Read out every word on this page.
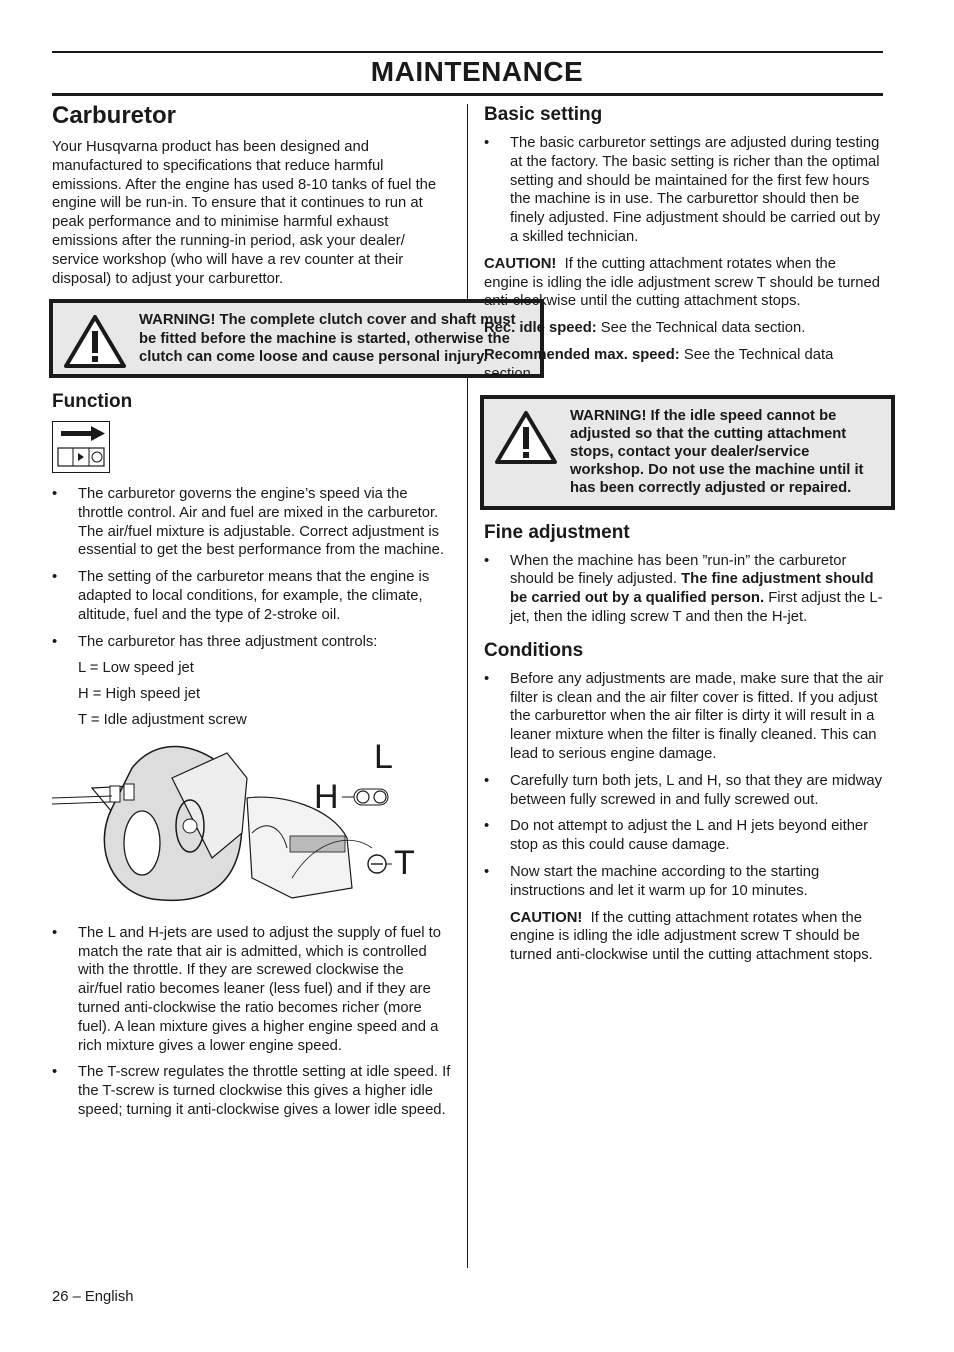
MAINTENANCE
Carburetor

Your Husqvarna product has been designed and manufactured to specifications that reduce harmful emissions. After the engine has used 8-10 tanks of fuel the engine will be run-in. To ensure that it continues to run at peak performance and to minimise harmful exhaust emissions after the running-in period, ask your dealer/ service workshop (who will have a rev counter at their disposal) to adjust your carburettor.

WARNING! The complete clutch cover and shaft must be fitted before the machine is started, otherwise the clutch can come loose and cause personal injury.
Function
• The carburetor governs the engine’s speed via the throttle control. Air and fuel are mixed in the carburetor. The air/fuel mixture is adjustable. Correct adjustment is essential to get the best performance from the machine.
• The setting of the carburetor means that the engine is adapted to local conditions, for example, the climate, altitude, fuel and the type of 2-stroke oil.
• The carburetor has three adjustment controls:
L = Low speed jet
H = High speed jet
T = Idle adjustment screw
L
H
T
• The L and H-jets are used to adjust the supply of fuel to match the rate that air is admitted, which is controlled with the throttle. If they are screwed clockwise the air/fuel ratio becomes leaner (less fuel) and if they are turned anti-clockwise the ratio becomes richer (more fuel). A lean mixture gives a higher engine speed and a rich mixture gives a lower engine speed.
• The T-screw regulates the throttle setting at idle speed. If the T-screw is turned clockwise this gives a higher idle speed; turning it anti-clockwise gives a lower idle speed.
Basic setting
• The basic carburetor settings are adjusted during testing at the factory. The basic setting is richer than the optimal setting and should be maintained for the first few hours the machine is in use. The carburettor should then be finely adjusted. Fine adjustment should be carried out by a skilled technician.

CAUTION! If the cutting attachment rotates when the engine is idling the idle adjustment screw T should be turned anti-clockwise until the cutting attachment stops.

Rec. idle speed: See the Technical data section.

Recommended max. speed: See the Technical data section.

WARNING! If the idle speed cannot be adjusted so that the cutting attachment stops, contact your dealer/service workshop. Do not use the machine until it has been correctly adjusted or repaired.
Fine adjustment
• When the machine has been ”run-in” the carburetor should be finely adjusted. The fine adjustment should be carried out by a qualified person. First adjust the L-jet, then the idling screw T and then the H-jet.
Conditions
• Before any adjustments are made, make sure that the air filter is clean and the air filter cover is fitted. If you adjust the carburettor when the air filter is dirty it will result in a leaner mixture when the filter is finally cleaned. This can lead to serious engine damage.
• Carefully turn both jets, L and H, so that they are midway between fully screwed in and fully screwed out.
• Do not attempt to adjust the L and H jets beyond either stop as this could cause damage.
• Now start the machine according to the starting instructions and let it warm up for 10 minutes.

CAUTION! If the cutting attachment rotates when the engine is idling the idle adjustment screw T should be turned anti-clockwise until the cutting attachment stops.

26 – English
